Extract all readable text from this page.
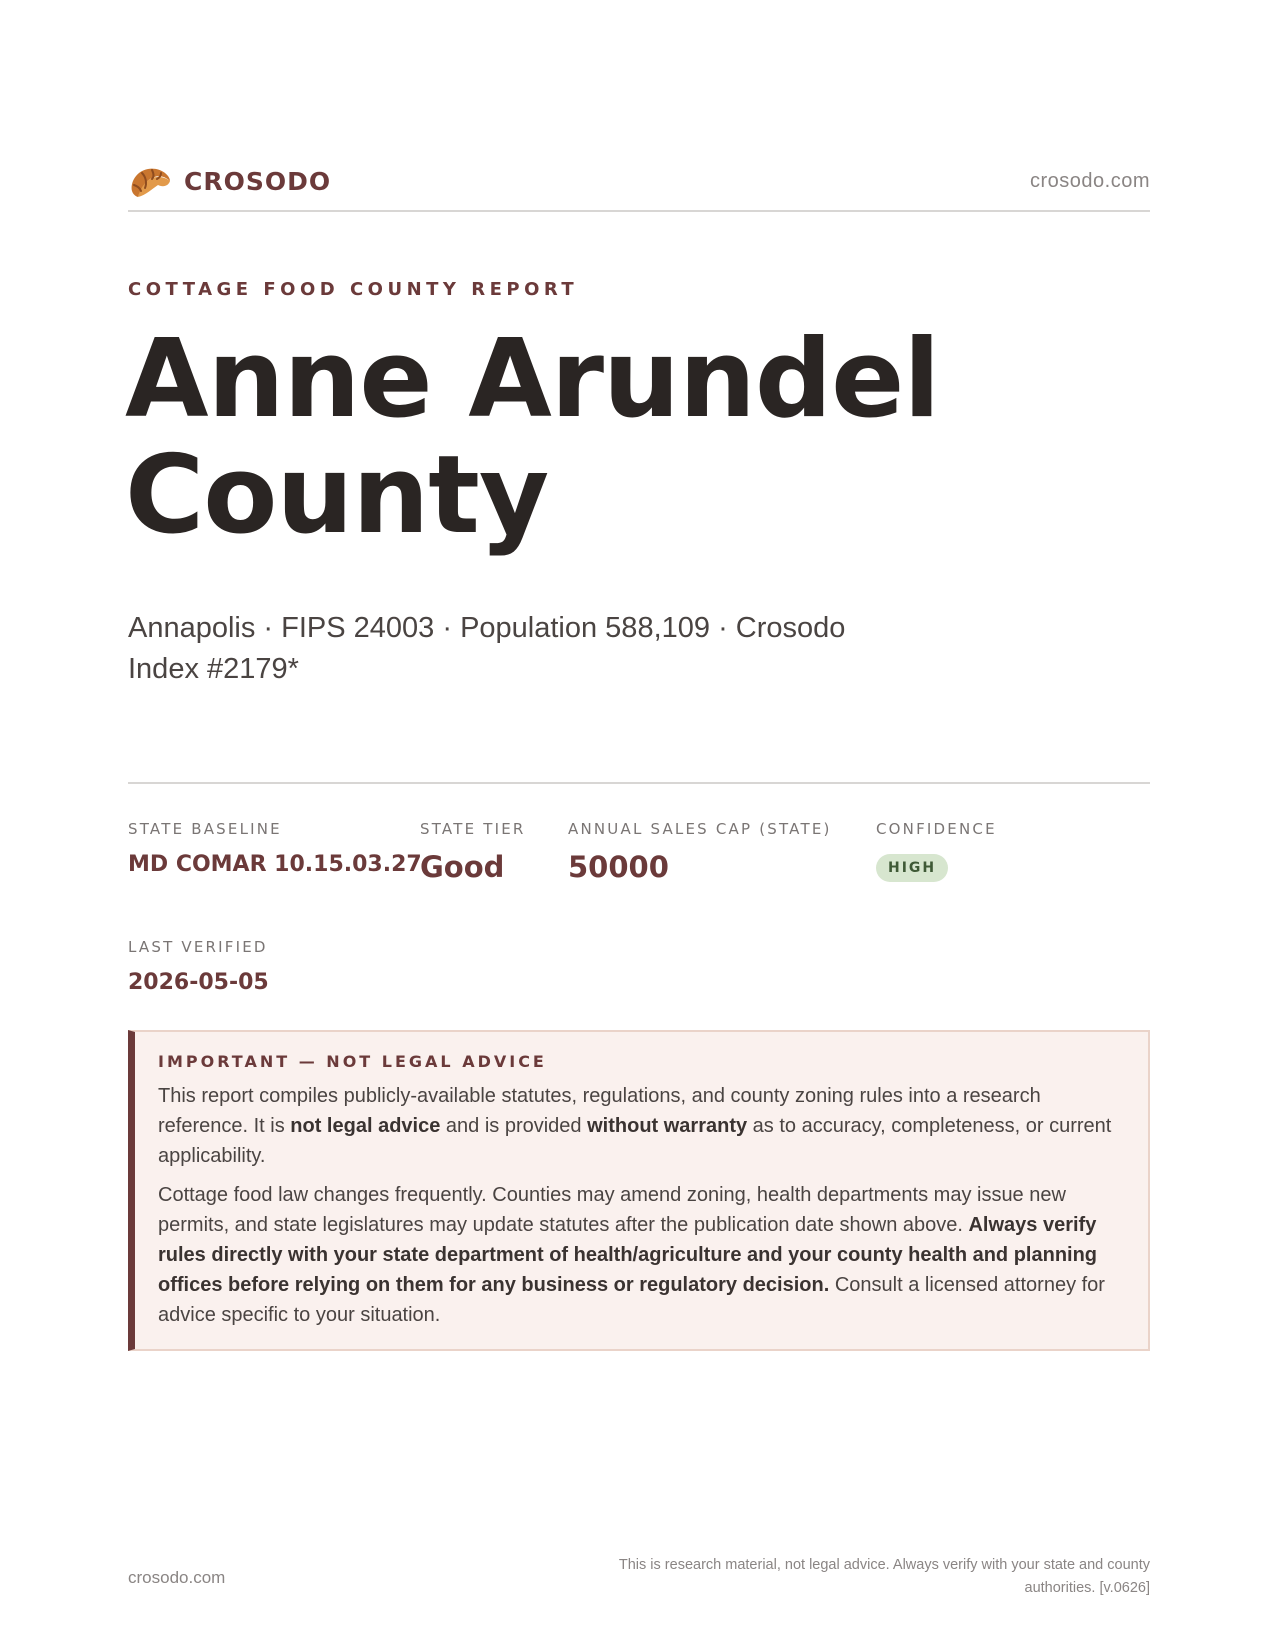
CROSODO	crosodo.com
COTTAGE FOOD COUNTY REPORT
Anne Arundel County
Annapolis · FIPS 24003 · Population 588,109 · Crosodo Index #2179*
STATE BASELINE
MD COMAR 10.15.03.27
STATE TIER
Good
ANNUAL SALES CAP (STATE)
50000
CONFIDENCE
HIGH
LAST VERIFIED
2026-05-05
IMPORTANT — NOT LEGAL ADVICE

This report compiles publicly-available statutes, regulations, and county zoning rules into a research reference. It is not legal advice and is provided without warranty as to accuracy, completeness, or current applicability.

Cottage food law changes frequently. Counties may amend zoning, health departments may issue new permits, and state legislatures may update statutes after the publication date shown above. Always verify rules directly with your state department of health/agriculture and your county health and planning offices before relying on them for any business or regulatory decision. Consult a licensed attorney for advice specific to your situation.

crosodo.com
This is research material, not legal advice. Always verify with your state and county authorities. [v.0626]
